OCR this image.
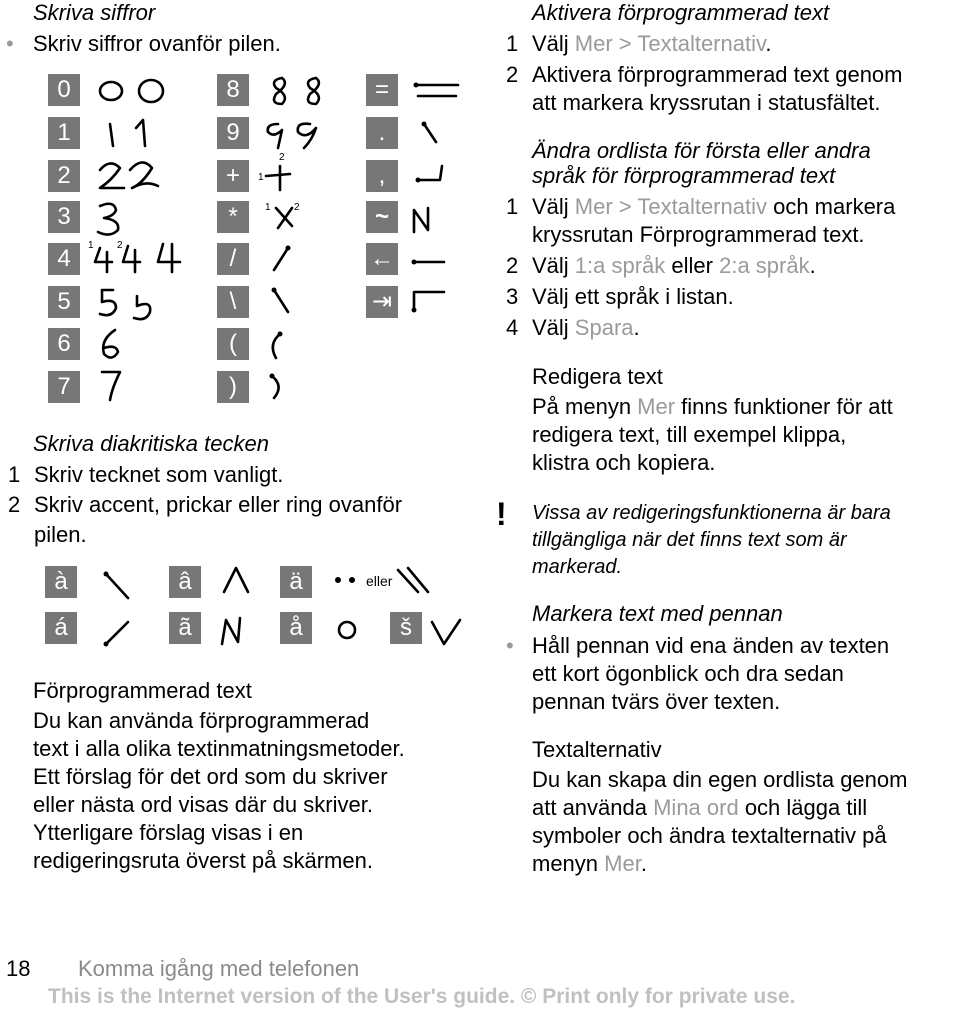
Skriva siffror
• Skriv siffror ovanför pilen.
0
1
2
3
4
5
6
7
8
9
+
*
/
\
(
)
=
.
,
~
←
⇥
1 2
1
2
1 2
Skriva diakritiska tecken
1 Skriv tecknet som vanligt.
2 Skriv accent, prickar eller ring ovanför
pilen.
à	â	ä
á	ã	å	š
eller
Förprogrammerad text
Du kan använda förprogrammerad
text i alla olika textinmatningsmetoder.
Ett förslag för det ord som du skriver
eller nästa ord visas där du skriver.
Ytterligare förslag visas i en
redigeringsruta överst på skärmen.
Aktivera förprogrammerad text
1 Välj Mer > Textalternativ.
2 Aktivera förprogrammerad text genom
att markera kryssrutan i statusfältet.
Ändra ordlista för första eller andra
språk för förprogrammerad text
1 Välj Mer > Textalternativ och markera
kryssrutan Förprogrammerad text.
2 Välj 1:a språk eller 2:a språk.
3 Välj ett språk i listan.
4 Välj Spara.
Redigera text
På menyn Mer finns funktioner för att
redigera text, till exempel klippa,
klistra och kopiera.
! Vissa av redigeringsfunktionerna är bara
tillgängliga när det finns text som är
markerad.
Markera text med pennan
• Håll pennan vid ena änden av texten
ett kort ögonblick och dra sedan
pennan tvärs över texten.
Textalternativ
Du kan skapa din egen ordlista genom
att använda Mina ord och lägga till
symboler och ändra textalternativ på
menyn Mer.
18 Komma igång med telefonen
This is the Internet version of the User's guide. © Print only for private use.
